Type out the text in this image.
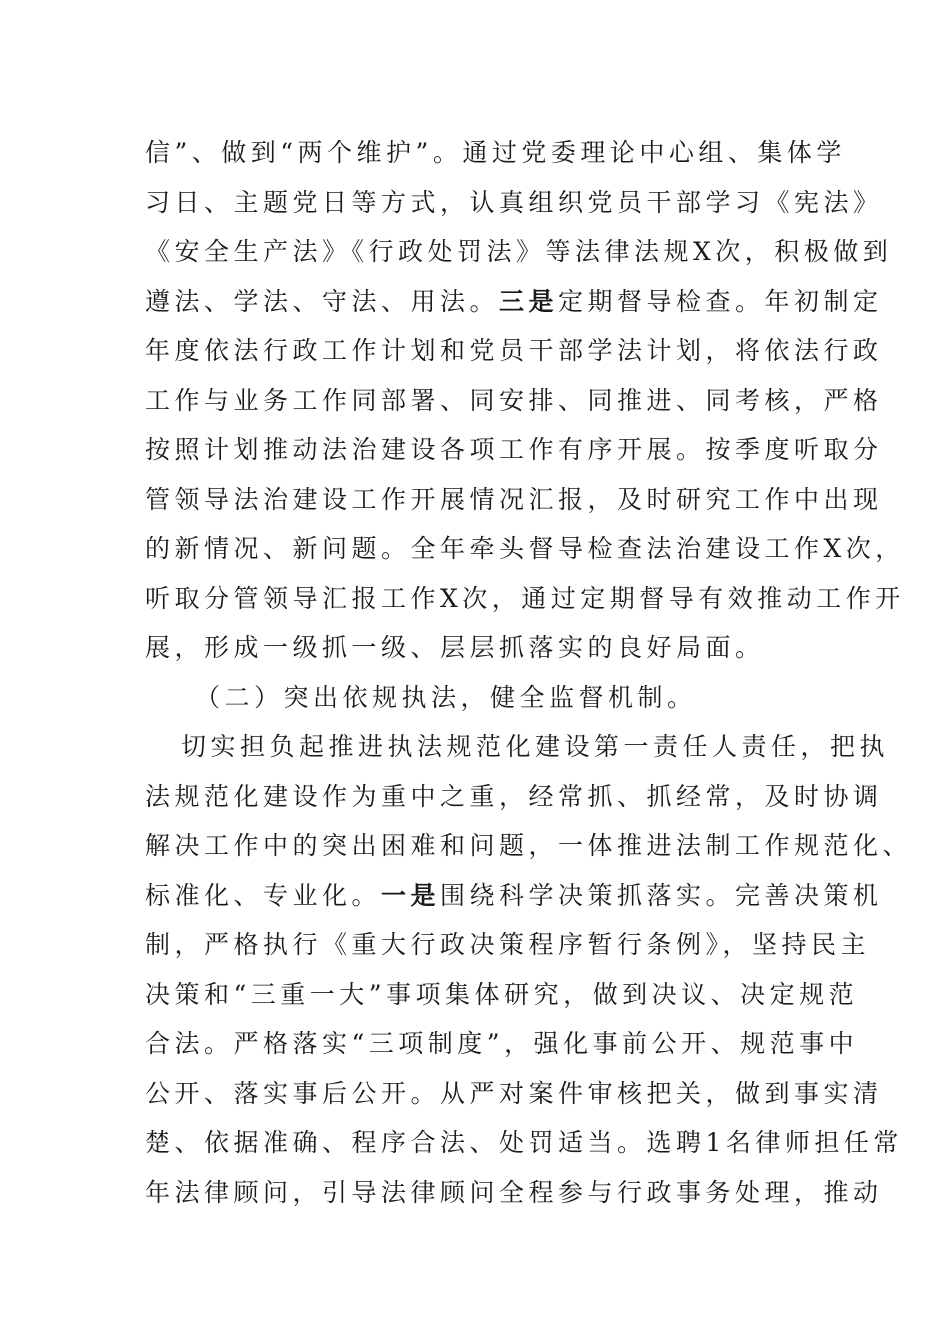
信”、做到“两个维护”。通过党委理论中心组、集体学

习日、主题党日等方式，认真组织党员干部学习《宪法》

《安全生产法》《行政处罚法》等法律法规X次，积极做到

遵法、学法、守法、用法。三是定期督导检查。年初制定

年度依法行政工作计划和党员干部学法计划，将依法行政

工作与业务工作同部署、同安排、同推进、同考核，严格

按照计划推动法治建设各项工作有序开展。按季度听取分

管领导法治建设工作开展情况汇报，及时研究工作中出现

的新情况、新问题。全年牵头督导检查法治建设工作X次，

听取分管领导汇报工作X次，通过定期督导有效推动工作开

展，形成一级抓一级、层层抓落实的良好局面。

（二）突出依规执法，健全监督机制。

切实担负起推进执法规范化建设第一责任人责任，把执

法规范化建设作为重中之重，经常抓、抓经常，及时协调

解决工作中的突出困难和问题，一体推进法制工作规范化、

标准化、专业化。一是围绕科学决策抓落实。完善决策机

制，严格执行《重大行政决策程序暂行条例》，坚持民主

决策和“三重一大”事项集体研究，做到决议、决定规范

合法。严格落实“三项制度”，强化事前公开、规范事中

公开、落实事后公开。从严对案件审核把关，做到事实清

楚、依据准确、程序合法、处罚适当。选聘1名律师担任常

年法律顾问，引导法律顾问全程参与行政事务处理，推动
